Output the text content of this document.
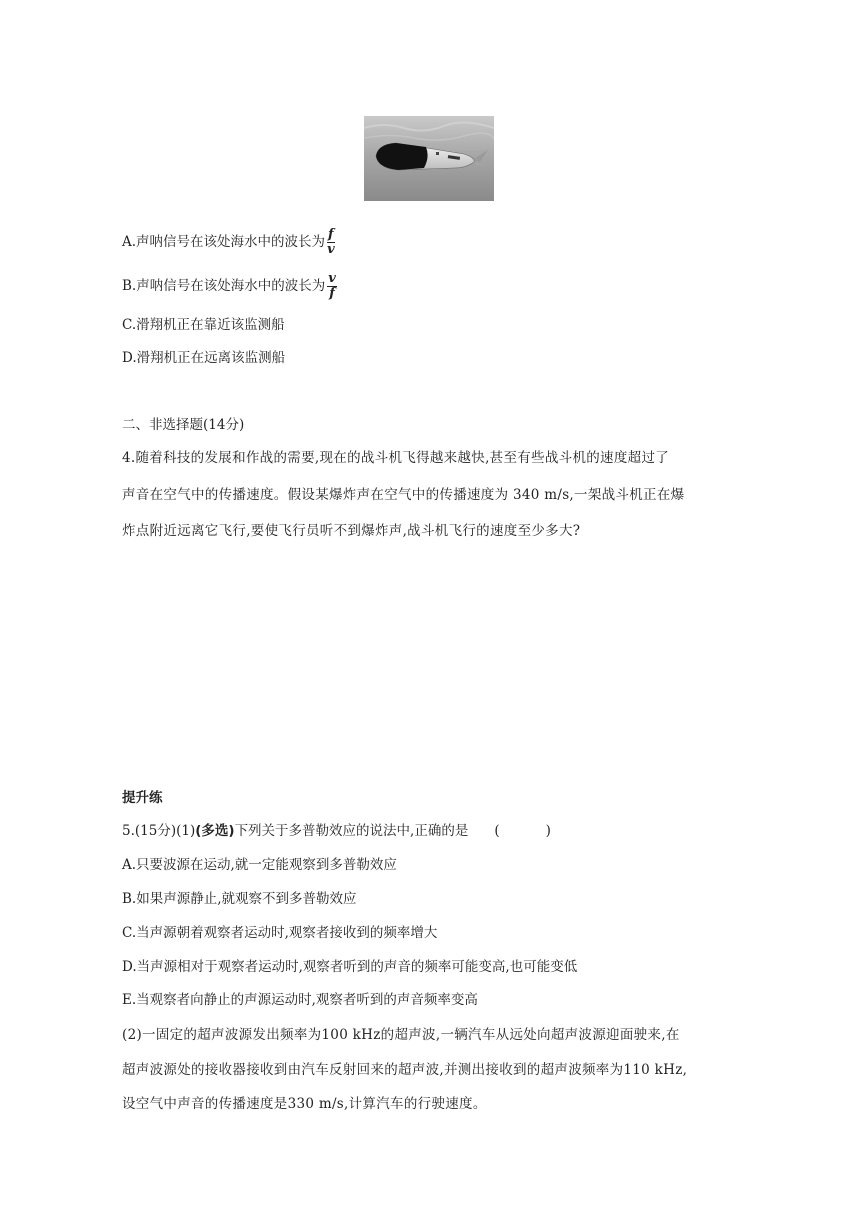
A.声呐信号在该处海水中的波长为 $\frac{f}{v}$
B.声呐信号在该处海水中的波长为 $\frac{v}{f}$
C.滑翔机正在靠近该监测船
D.滑翔机正在远离该监测船
二、非选择题(14分)
4.随着科技的发展和作战的需要,现在的战斗机飞得越来越快,甚至有些战斗机的速度超过了
声音在空气中的传播速度。假设某爆炸声在空气中的传播速度为 340 m/s,一架战斗机正在爆
炸点附近远离它飞行,要使飞行员听不到爆炸声,战斗机飞行的速度至少多大?
提升练
5.(15分)(1)(多选)下列关于多普勒效应的说法中,正确的是 (	)
A.只要波源在运动,就一定能观察到多普勒效应
B.如果声源静止,就观察不到多普勒效应
C.当声源朝着观察者运动时,观察者接收到的频率增大
D.当声源相对于观察者运动时,观察者听到的声音的频率可能变高,也可能变低
E.当观察者向静止的声源运动时,观察者听到的声音频率变高
(2)一固定的超声波源发出频率为100 kHz的超声波,一辆汽车从远处向超声波源迎面驶来,在
超声波源处的接收器接收到由汽车反射回来的超声波,并测出接收到的超声波频率为110 kHz,
设空气中声音的传播速度是330 m/s,计算汽车的行驶速度。
